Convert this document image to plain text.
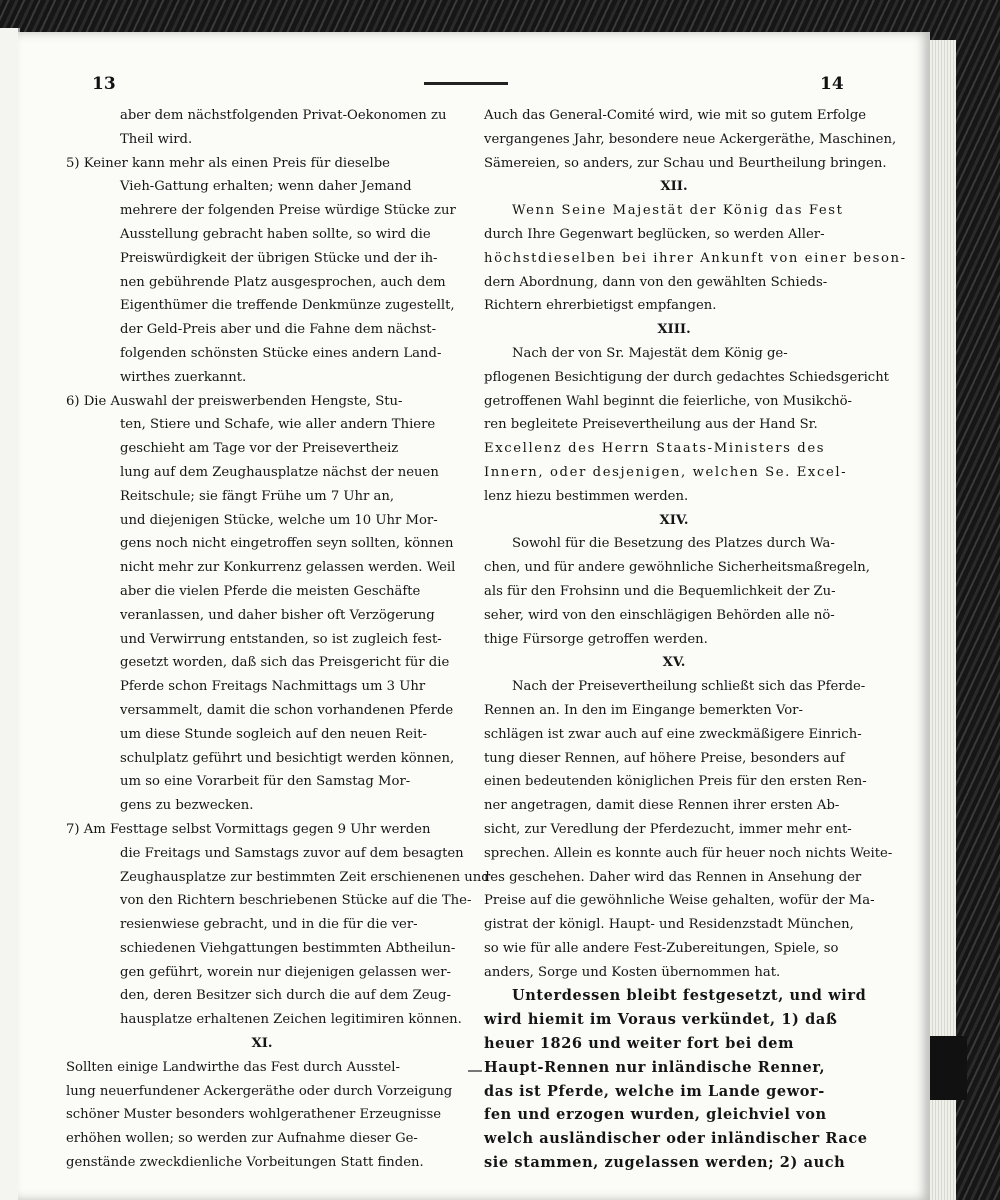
13	14

aber dem nächstfolgenden Privat-Oekonomen zu

Theil wird.

5) Keiner kann mehr als einen Preis für dieselbe

Vieh-Gattung erhalten; wenn daher Jemand

mehrere der folgenden Preise würdige Stücke zur

Ausstellung gebracht haben sollte, so wird die

Preiswürdigkeit der übrigen Stücke und der ih-

nen gebührende Platz ausgesprochen, auch dem

Eigenthümer die treffende Denkmünze zugestellt,

der Geld-Preis aber und die Fahne dem nächst-

folgenden schönsten Stücke eines andern Land-

wirthes zuerkannt.

6) Die Auswahl der preiswerbenden Hengste, Stu-

ten, Stiere und Schafe, wie aller andern Thiere

geschieht am Tage vor der Preisevertheiz

lung auf dem Zeughausplatze nächst der neuen

Reitschule; sie fängt Frühe um 7 Uhr an,

und diejenigen Stücke, welche um 10 Uhr Mor-

gens noch nicht eingetroffen seyn sollten, können

nicht mehr zur Konkurrenz gelassen werden. Weil

aber die vielen Pferde die meisten Geschäfte

veranlassen, und daher bisher oft Verzögerung

und Verwirrung entstanden, so ist zugleich fest-

gesetzt worden, daß sich das Preisgericht für die

Pferde schon Freitags Nachmittags um 3 Uhr

versammelt, damit die schon vorhandenen Pferde

um diese Stunde sogleich auf den neuen Reit-

schulplatz geführt und besichtigt werden können,

um so eine Vorarbeit für den Samstag Mor-

gens zu bezwecken.

7) Am Festtage selbst Vormittags gegen 9 Uhr werden

die Freitags und Samstags zuvor auf dem besagten

Zeughausplatze zur bestimmten Zeit erschienenen und

von den Richtern beschriebenen Stücke auf die The-

resienwiese gebracht, und in die für die ver-

schiedenen Viehgattungen bestimmten Abtheilun-

gen geführt, worein nur diejenigen gelassen wer-

den, deren Besitzer sich durch die auf dem Zeug-

hausplatze erhaltenen Zeichen legitimiren können.

XI.

Sollten einige Landwirthe das Fest durch Ausstel-

lung neuerfundener Ackergeräthe oder durch Vorzeigung

schöner Muster besonders wohlgerathener Erzeugnisse

erhöhen wollen; so werden zur Aufnahme dieser Ge-

genstände zweckdienliche Vorbeitungen Statt finden.

Auch das General-Comité wird, wie mit so gutem Erfolge

vergangenes Jahr, besondere neue Ackergeräthe, Maschinen,

Sämereien, so anders, zur Schau und Beurtheilung bringen.

XII.

Wenn Seine Majestät der König das Fest

durch Ihre Gegenwart beglücken, so werden Aller-

höchstdieselben bei ihrer Ankunft von einer beson-

dern Abordnung, dann von den gewählten Schieds-

Richtern ehrerbietigst empfangen.

XIII.

Nach der von Sr. Majestät dem König ge-

pflogenen Besichtigung der durch gedachtes Schiedsgericht

getroffenen Wahl beginnt die feierliche, von Musikchö-

ren begleitete Preisevertheilung aus der Hand Sr.

Excellenz des Herrn Staats-Ministers des

Innern, oder desjenigen, welchen Se. Excel-

lenz hiezu bestimmen werden.

XIV.

Sowohl für die Besetzung des Platzes durch Wa-

chen, und für andere gewöhnliche Sicherheitsmaßregeln,

als für den Frohsinn und die Bequemlichkeit der Zu-

seher, wird von den einschlägigen Behörden alle nö-

thige Fürsorge getroffen werden.

XV.

Nach der Preisevertheilung schließt sich das Pferde-

Rennen an. In den im Eingange bemerkten Vor-

schlägen ist zwar auch auf eine zweckmäßigere Einrich-

tung dieser Rennen, auf höhere Preise, besonders auf

einen bedeutenden königlichen Preis für den ersten Ren-

ner angetragen, damit diese Rennen ihrer ersten Ab-

sicht, zur Veredlung der Pferdezucht, immer mehr ent-

sprechen. Allein es konnte auch für heuer noch nichts Weite-

res geschehen. Daher wird das Rennen in Ansehung der

Preise auf die gewöhnliche Weise gehalten, wofür der Ma-

gistrat der königl. Haupt- und Residenzstadt München,

so wie für alle andere Fest-Zubereitungen, Spiele, so

anders, Sorge und Kosten übernommen hat.

Unterdessen bleibt festgesetzt, und wird

wird hiemit im Voraus verkündet, 1) daß

heuer 1826 und weiter fort bei dem

Haupt-Rennen nur inländische Renner,

das ist Pferde, welche im Lande gewor-

fen und erzogen wurden, gleichviel von

welch ausländischer oder inländischer Race

sie stammen, zugelassen werden; 2) auch
